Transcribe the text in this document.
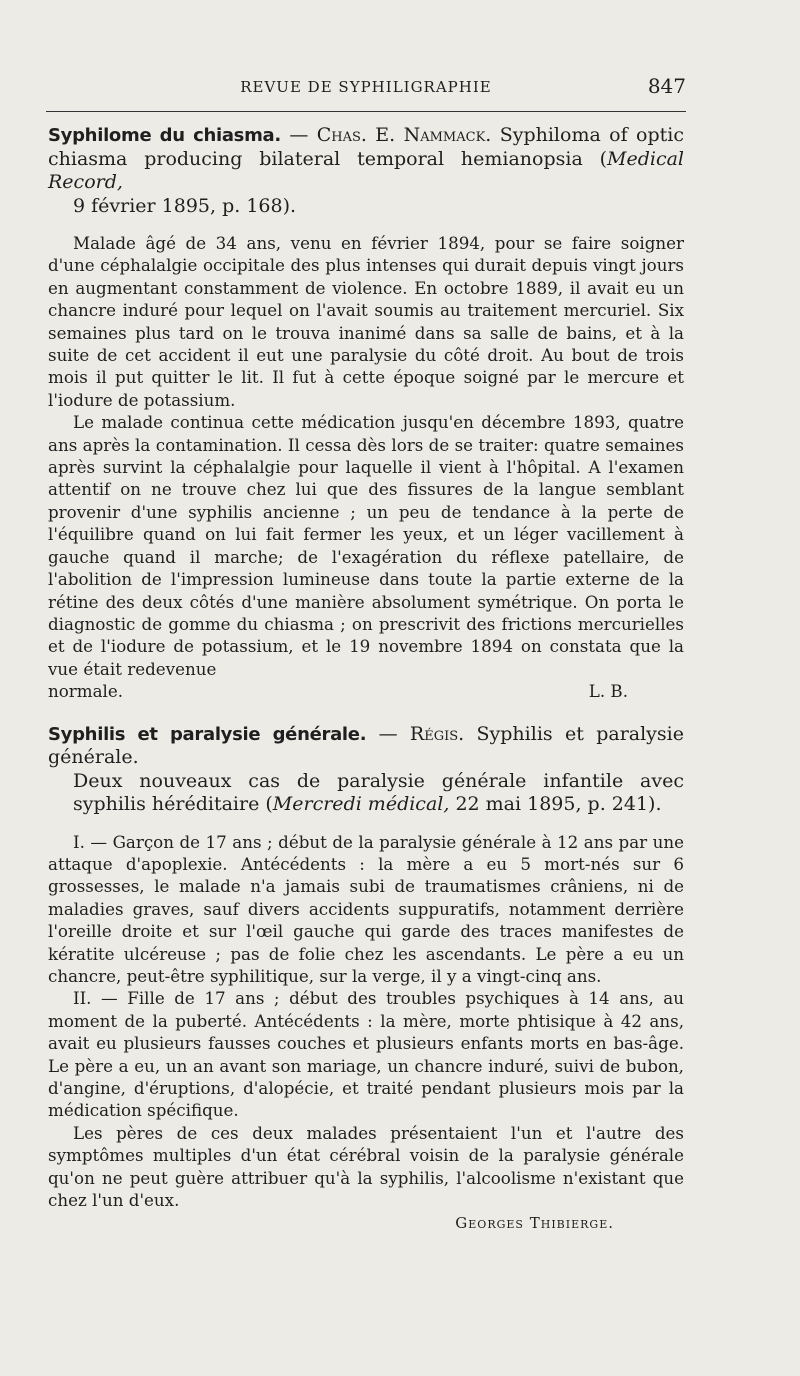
REVUE DE SYPHILIGRAPHIE	847
Syphilome du chiasma. — Chas. E. Nammack. Syphiloma of optic chiasma producing bilateral temporal hemianopsia (Medical Record,
9 février 1895, p. 168).

Malade âgé de 34 ans, venu en février 1894, pour se faire soigner d'une céphalalgie occipitale des plus intenses qui durait depuis vingt jours en augmentant constamment de violence. En octobre 1889, il avait eu un chancre induré pour lequel on l'avait soumis au traitement mercuriel. Six semaines plus tard on le trouva inanimé dans sa salle de bains, et à la suite de cet accident il eut une paralysie du côté droit. Au bout de trois mois il put quitter le lit. Il fut à cette époque soigné par le mercure et l'iodure de potassium.

Le malade continua cette médication jusqu'en décembre 1893, quatre ans après la contamination. Il cessa dès lors de se traiter: quatre semaines après survint la céphalalgie pour laquelle il vient à l'hôpital. A l'examen attentif on ne trouve chez lui que des fissures de la langue semblant provenir d'une syphilis ancienne ; un peu de tendance à la perte de l'équilibre quand on lui fait fermer les yeux, et un léger vacillement à gauche quand il marche; de l'exagération du réflexe patellaire, de l'abolition de l'impression lumineuse dans toute la partie externe de la rétine des deux côtés d'une manière absolument symétrique. On porta le diagnostic de gomme du chiasma ; on prescrivit des frictions mercurielles et de l'iodure de potassium, et le 19 novembre 1894 on constata que la vue était redevenue

normale.	L. B.

Syphilis et paralysie générale. — Régis. Syphilis et paralysie générale.
Deux nouveaux cas de paralysie générale infantile avec syphilis héréditaire (Mercredi médical, 22 mai 1895, p. 241).

I. — Garçon de 17 ans ; début de la paralysie générale à 12 ans par une attaque d'apoplexie. Antécédents : la mère a eu 5 mort-nés sur 6 grossesses, le malade n'a jamais subi de traumatismes crâniens, ni de maladies graves, sauf divers accidents suppuratifs, notamment derrière l'oreille droite et sur l'œil gauche qui garde des traces manifestes de kératite ulcéreuse ; pas de folie chez les ascendants. Le père a eu un chancre, peut-être syphilitique, sur la verge, il y a vingt-cinq ans.

II. — Fille de 17 ans ; début des troubles psychiques à 14 ans, au moment de la puberté. Antécédents : la mère, morte phtisique à 42 ans, avait eu plusieurs fausses couches et plusieurs enfants morts en bas-âge. Le père a eu, un an avant son mariage, un chancre induré, suivi de bubon, d'angine, d'éruptions, d'alopécie, et traité pendant plusieurs mois par la médication spécifique.

Les pères de ces deux malades présentaient l'un et l'autre des symptômes multiples d'un état cérébral voisin de la paralysie générale qu'on ne peut guère attribuer qu'à la syphilis, l'alcoolisme n'existant que chez l'un d'eux.

Georges Thibierge.
